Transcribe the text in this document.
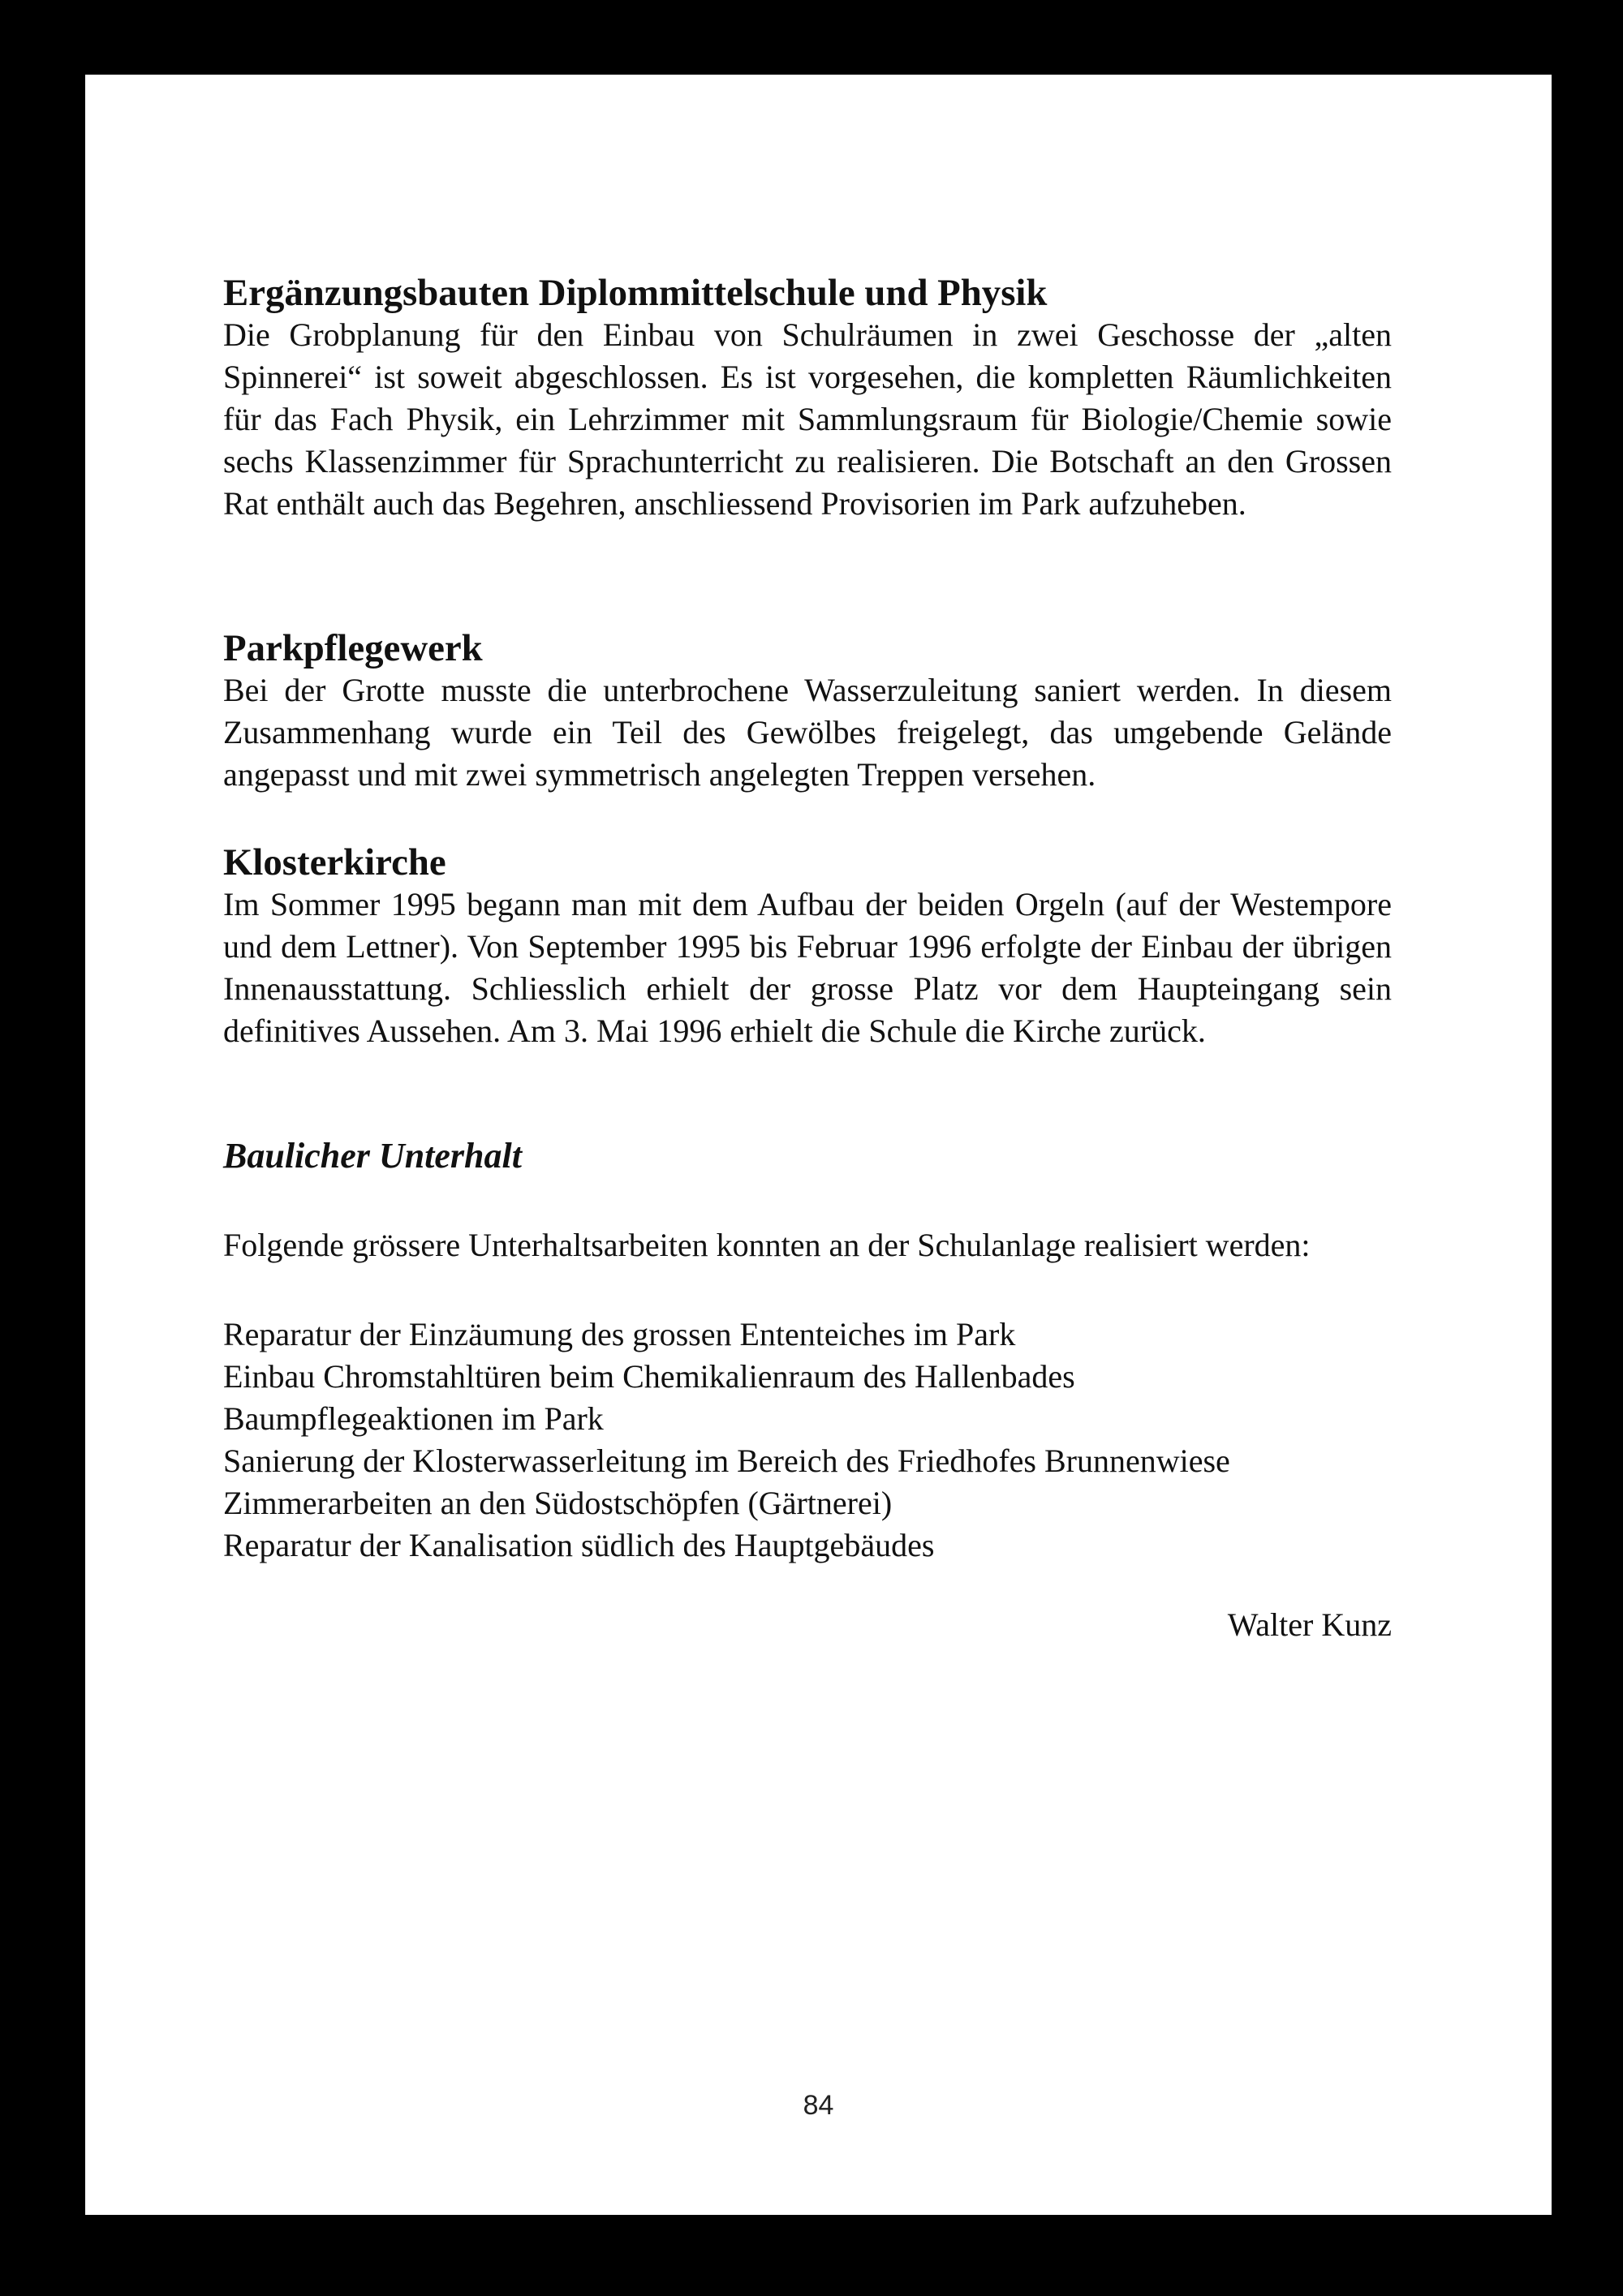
Ergänzungsbauten Diplommittelschule und Physik

Die Grobplanung für den Einbau von Schulräumen in zwei Geschosse der „alten Spinnerei“ ist soweit abgeschlossen. Es ist vorgesehen, die kompletten Räumlichkeiten für das Fach Physik, ein Lehrzimmer mit Sammlungsraum für Biologie/Chemie sowie sechs Klassenzimmer für Sprachunterricht zu realisieren. Die Botschaft an den Grossen Rat enthält auch das Begehren, anschliessend Provisorien im Park aufzuheben.

Parkpflegewerk

Bei der Grotte musste die unterbrochene Wasserzuleitung saniert werden. In diesem Zusammenhang wurde ein Teil des Gewölbes freigelegt, das umgebende Gelände angepasst und mit zwei symmetrisch angelegten Treppen versehen.

Klosterkirche

Im Sommer 1995 begann man mit dem Aufbau der beiden Orgeln (auf der Westempore und dem Lettner). Von September 1995 bis Februar 1996 erfolgte der Einbau der übrigen Innenausstattung. Schliesslich erhielt der grosse Platz vor dem Haupteingang sein definitives Aussehen. Am 3. Mai 1996 erhielt die Schule die Kirche zurück.

Baulicher Unterhalt

Folgende grössere Unterhaltsarbeiten konnten an der Schulanlage realisiert werden:

Reparatur der Einzäumung des grossen Ententeiches im Park
Einbau Chromstahltüren beim Chemikalienraum des Hallenbades
Baumpflegeaktionen im Park
Sanierung der Klosterwasserleitung im Bereich des Friedhofes Brunnenwiese
Zimmerarbeiten an den Südostschöpfen (Gärtnerei)
Reparatur der Kanalisation südlich des Hauptgebäudes

Walter Kunz

84
